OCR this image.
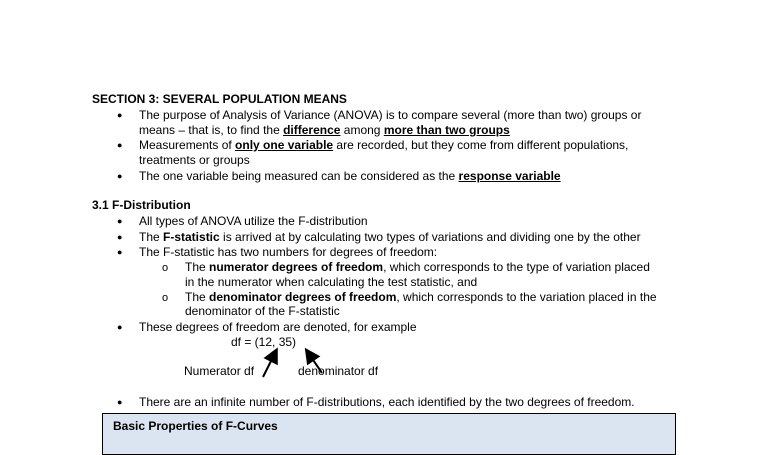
SECTION 3: SEVERAL POPULATION MEANS
● The purpose of Analysis of Variance (ANOVA) is to compare several (more than two) groups or
means – that is, to find the difference among more than two groups
● Measurements of only one variable are recorded, but they come from different populations,
treatments or groups
● The one variable being measured can be considered as the response variable
3.1 F-Distribution
● All types of ANOVA utilize the F-distribution
● The F-statistic is arrived at by calculating two types of variations and dividing one by the other
● The F-statistic has two numbers for degrees of freedom:
o The numerator degrees of freedom, which corresponds to the type of variation placed
in the numerator when calculating the test statistic, and
o The denominator degrees of freedom, which corresponds to the variation placed in the
denominator of the F-statistic
● These degrees of freedom are denoted, for example
df = (12, 35)
Numerator df	denominator df
● There are an infinite number of F-distributions, each identified by the two degrees of freedom.
Basic Properties of F-Curves
